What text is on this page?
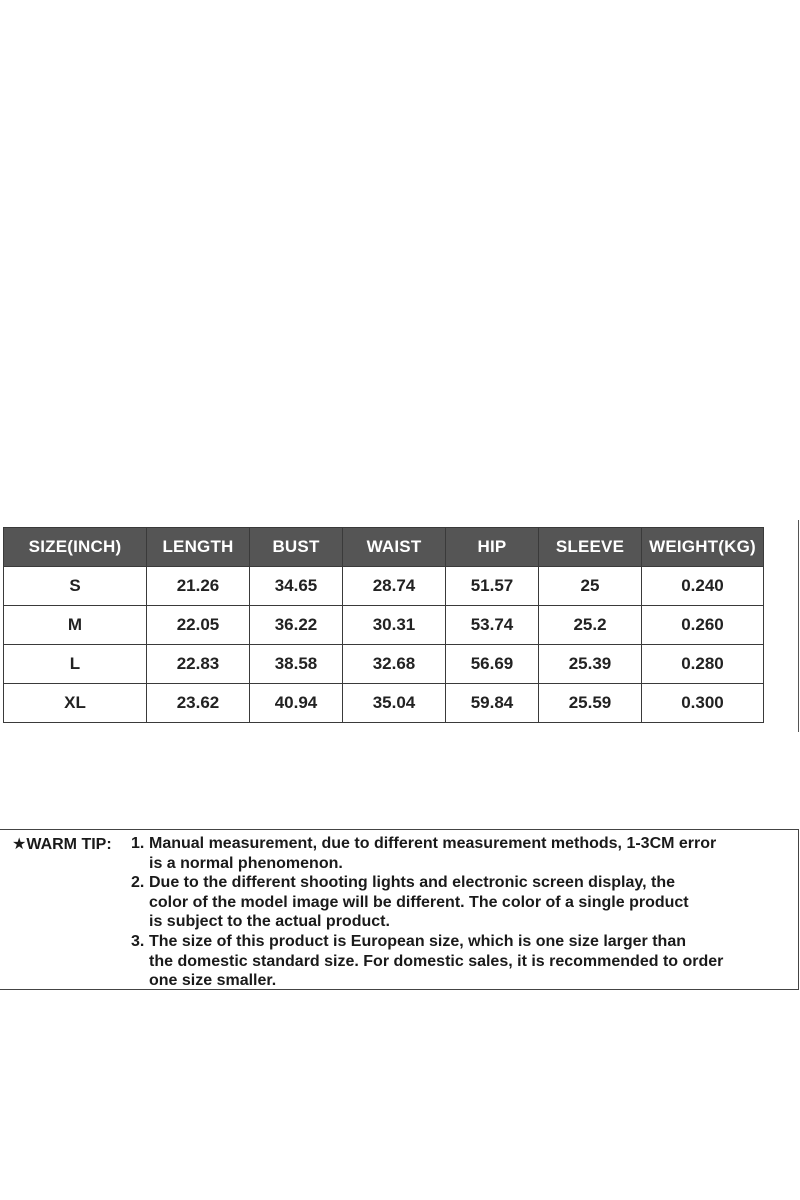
SIZE(INCH)	LENGTH	BUST	WAIST	HIP	SLEEVE	WEIGHT(KG)
S	21.26	34.65	28.74	51.57	25	0.240
M	22.05	36.22	30.31	53.74	25.2	0.260
L	22.83	38.58	32.68	56.69	25.39	0.280
XL	23.62	40.94	35.04	59.84	25.59	0.300
★WARM TIP: 1. Manual measurement, due to different measurement methods, 1-3CM error
is a normal phenomenon.
2. Due to the different shooting lights and electronic screen display, the
color of the model image will be different. The color of a single product
is subject to the actual product.
3. The size of this product is European size, which is one size larger than
the domestic standard size. For domestic sales, it is recommended to order
one size smaller.
